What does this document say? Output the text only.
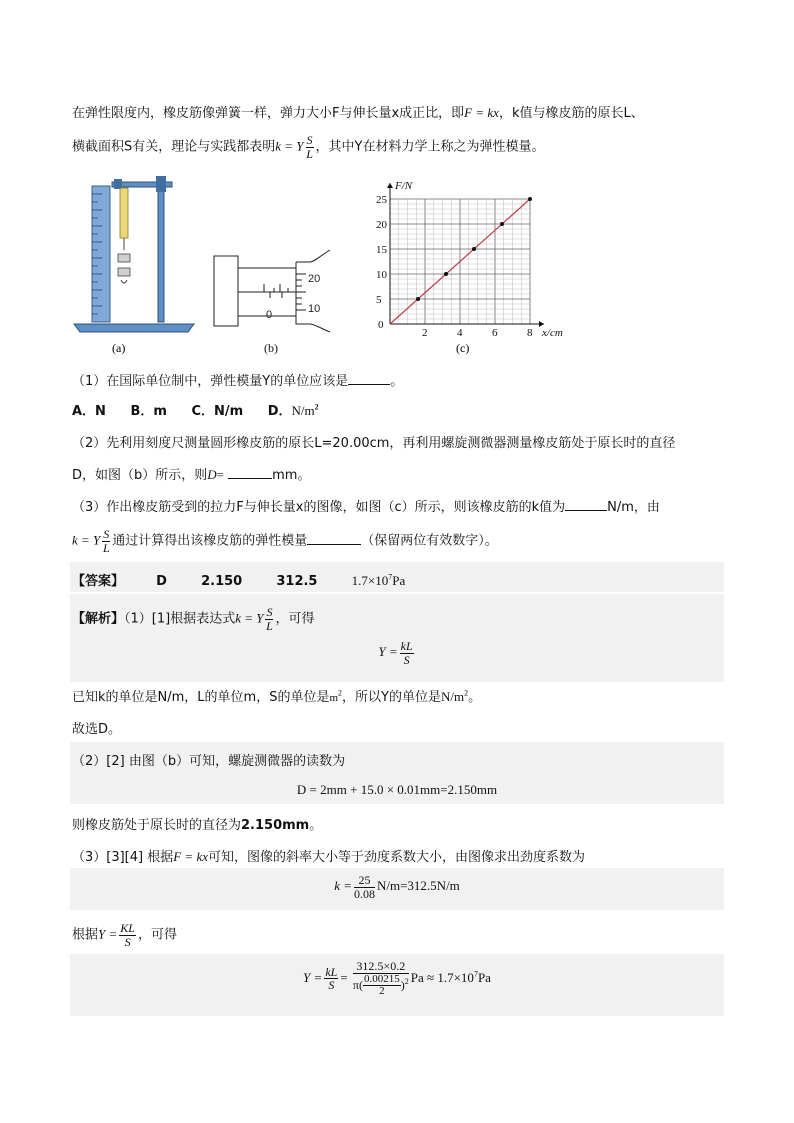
在弹性限度内，橡皮筋像弹簧一样，弹力大小F与伸长量x成正比，即F = kx，k值与橡皮筋的原长L、
横截面积S有关，理论与实践都表明k = Y $\frac{S}{L}$ ，其中Y在材料力学上称之为弹性模量。
(a)
20
10
0
(b)
2	4	6	8
5
10
15
20
25
0
x/cm
F/N
(c)
（1）在国际单位制中，弹性模量Y的单位应该是	。
A．N B．m C．N/m D．$N/m^2$
（2）先利用刻度尺测量圆形橡皮筋的原长L=20.00cm，再利用螺旋测微器测量橡皮筋处于原长时的直径
D，如图（b）所示，则D=	mm。
（3）作出橡皮筋受到的拉力F与伸长量x的图像，如图（c）所示，则该橡皮筋的k值为	N/m，由
k = Y $\frac{S}{L}$ 通过计算得出该橡皮筋的弹性模量	（保留两位有效数字）。
【答案】 D	2.150	312.5	$1.7\times 10^7Pa$
【解析】（1）[1]根据表达式k = Y $\frac{S}{L}$ ，可得
$Y = \frac{kL}{S}$
已知k的单位是N/m，L的单位m，S的单位是$m^2$，所以Y的单位是$N/m^2$。
故选D。
（2）[2] 由图（b）可知，螺旋测微器的读数为
D = 2mm + 15.0 × 0.01mm=2.150mm
则橡皮筋处于原长时的直径为2.150mm。
（3）[3][4] 根据F = kx可知，图像的斜率大小等于劲度系数大小，由图像求出劲度系数为
$k = \frac{25}{0.08} N/m=312.5N/m$
根据$Y = \frac{KL}{S}$ ，可得
$Y = \frac{kL}{S} = \frac{312.5\times 0.2}{\pi( \frac{0.00215}{2} )^2}$ $Pa \approx 1.7\times 10^7Pa$
